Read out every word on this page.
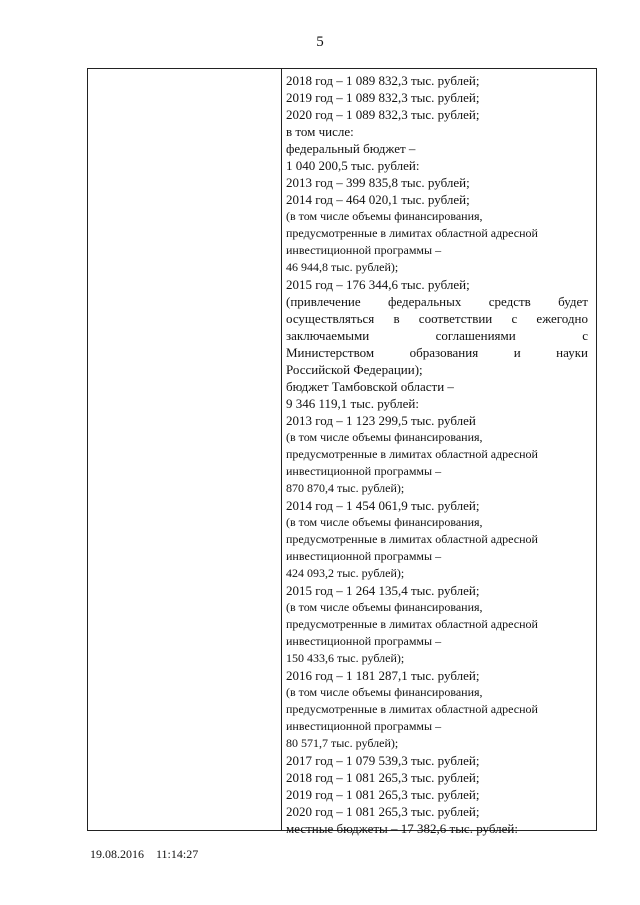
5
2018 год – 1 089 832,3 тыс. рублей;
2019 год – 1 089 832,3 тыс. рублей;
2020 год – 1 089 832,3 тыс. рублей;
в том числе:
федеральный бюджет –
1 040 200,5 тыс. рублей:
2013 год – 399 835,8 тыс. рублей;
2014 год – 464 020,1 тыс. рублей;
(в том числе объемы финансирования,
предусмотренные в лимитах областной адресной
инвестиционной программы –
46 944,8 тыс. рублей);
2015 год – 176 344,6 тыс. рублей;
(привлечение федеральных средств будет
осуществляться в соответствии с ежегодно
заключаемыми соглашениями с
Министерством образования и науки
Российской Федерации);
бюджет Тамбовской области –
9 346 119,1 тыс. рублей:
2013 год – 1 123 299,5 тыс. рублей
(в том числе объемы финансирования,
предусмотренные в лимитах областной адресной
инвестиционной программы –
870 870,4 тыс. рублей);
2014 год – 1 454 061,9 тыс. рублей;
(в том числе объемы финансирования,
предусмотренные в лимитах областной адресной
инвестиционной программы –
424 093,2 тыс. рублей);
2015 год – 1 264 135,4 тыс. рублей;
(в том числе объемы финансирования,
предусмотренные в лимитах областной адресной
инвестиционной программы –
150 433,6 тыс. рублей);
2016 год – 1 181 287,1 тыс. рублей;
(в том числе объемы финансирования,
предусмотренные в лимитах областной адресной
инвестиционной программы –
80 571,7 тыс. рублей);
2017 год – 1 079 539,3 тыс. рублей;
2018 год – 1 081 265,3 тыс. рублей;
2019 год – 1 081 265,3 тыс. рублей;
2020 год – 1 081 265,3 тыс. рублей;
местные бюджеты – 17 382,6 тыс. рублей:
19.08.2016 11:14:27
